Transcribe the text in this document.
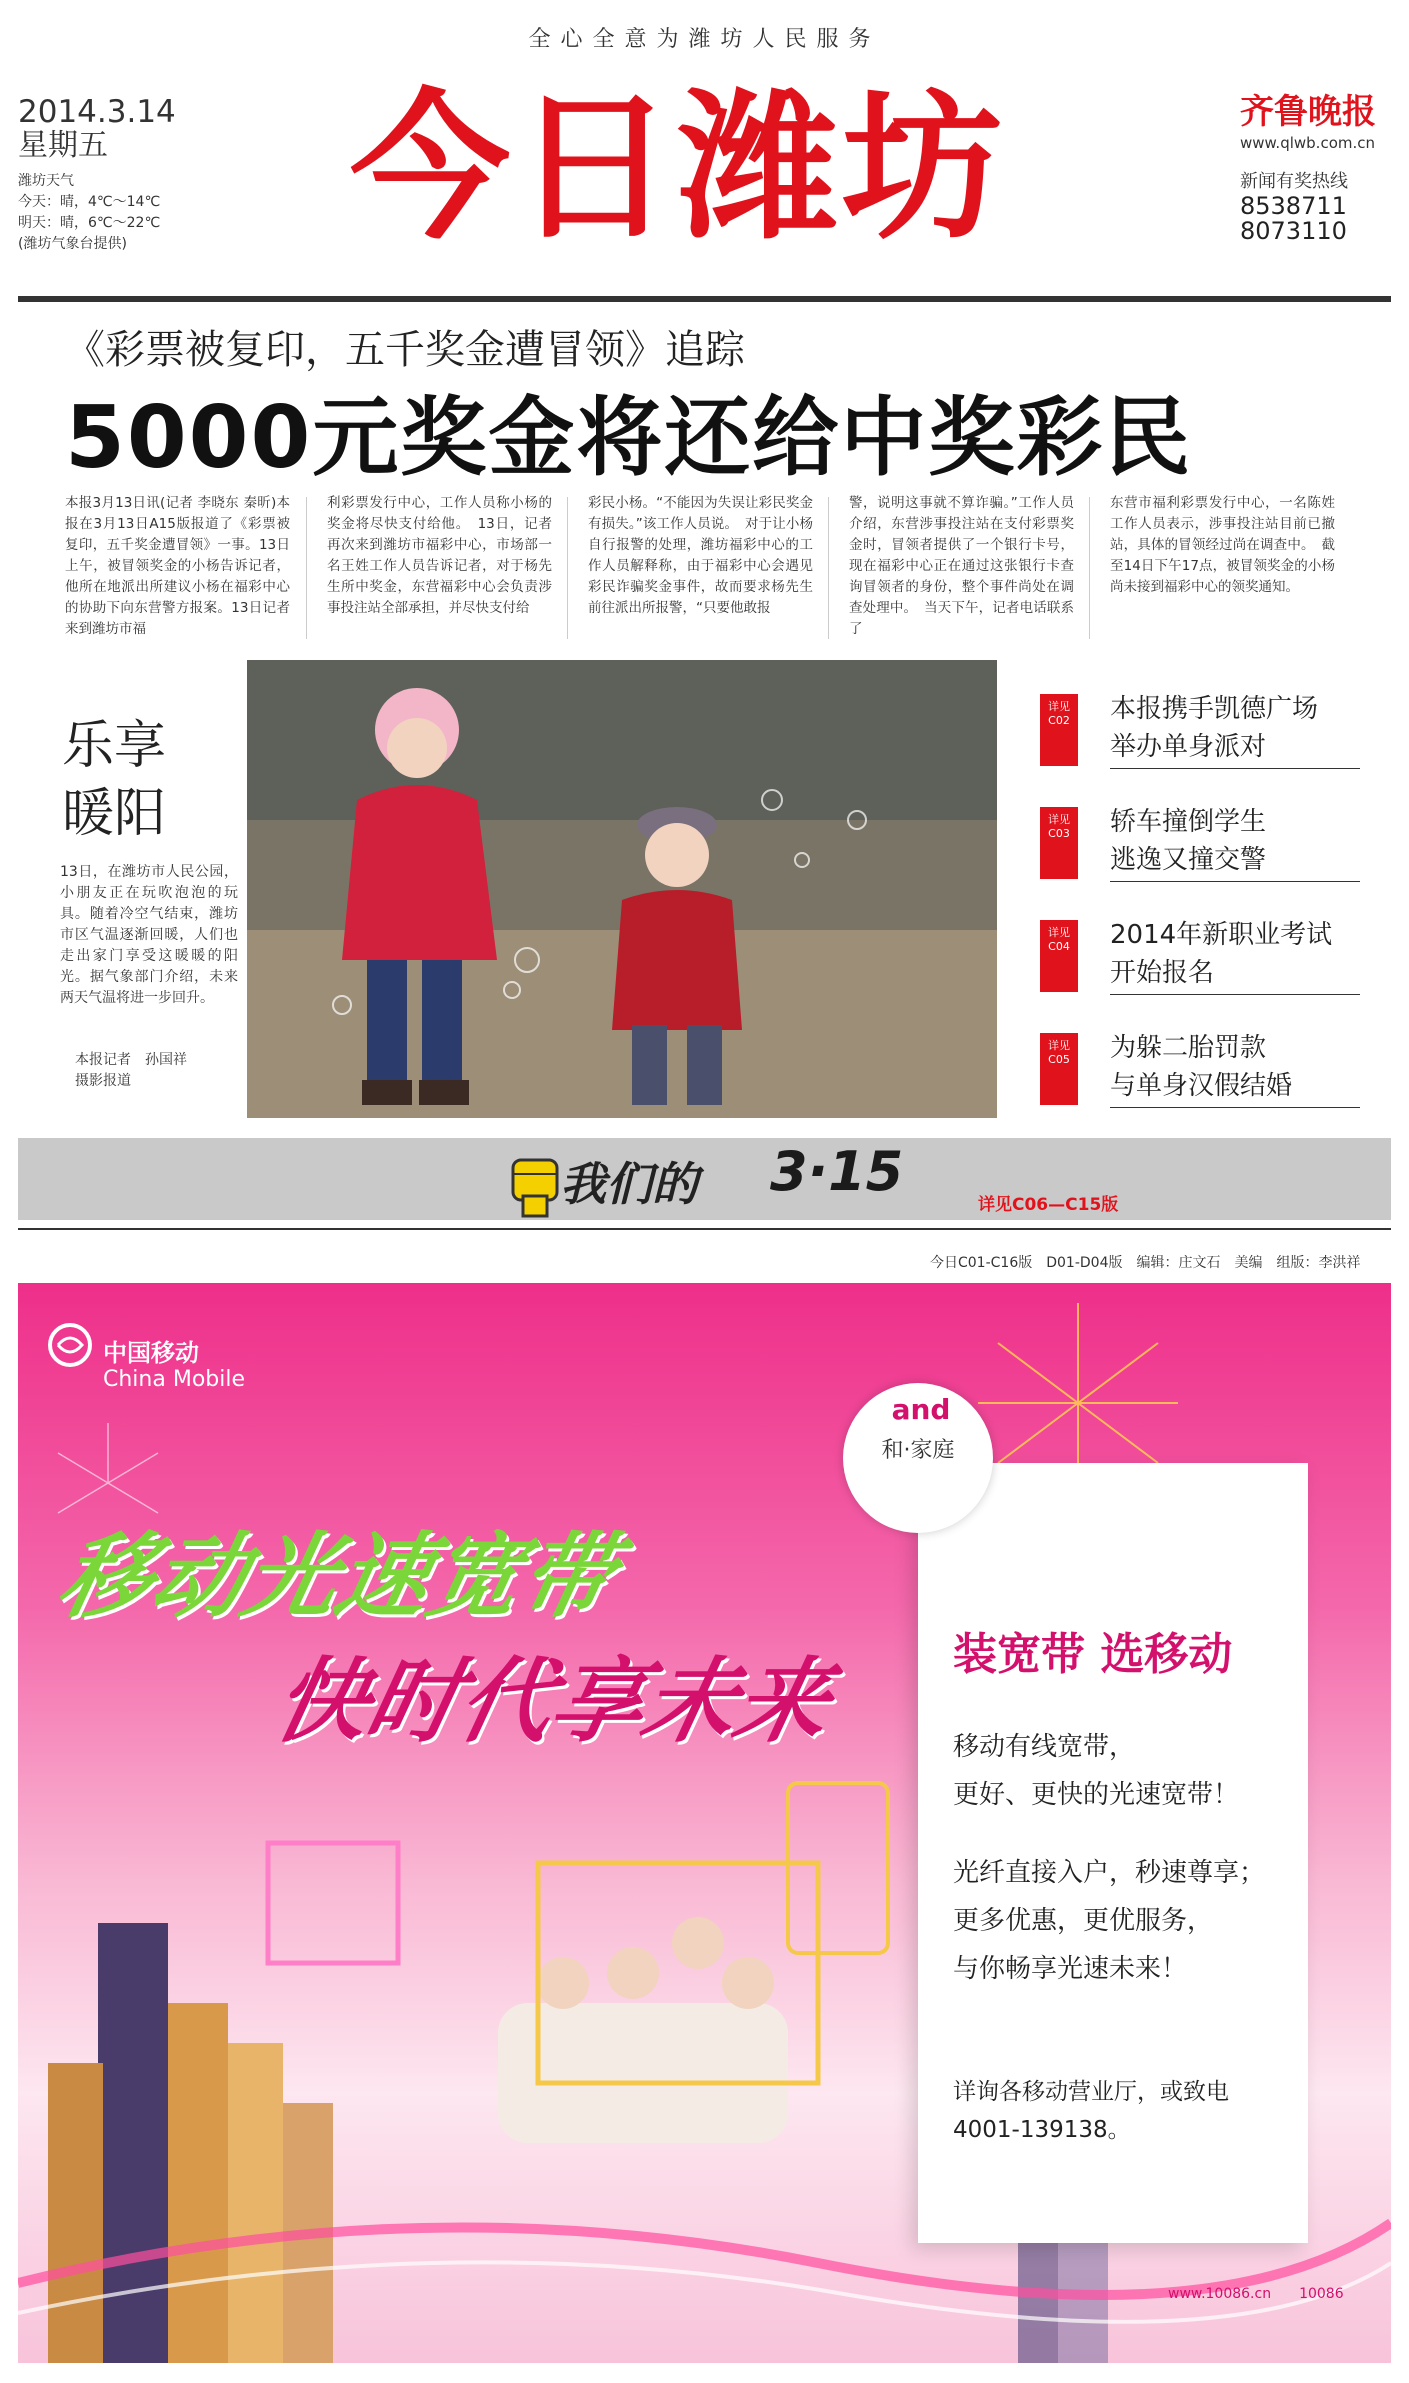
全心全意为潍坊人民服务
2014.3.14
星期五
潍坊天气
今天：晴，4℃～14℃
明天：晴，6℃～22℃
(潍坊气象台提供)	今日潍坊	齐鲁晚报
www.qlwb.com.cn
新闻有奖热线
8538711
8073110
《彩票被复印，五千奖金遭冒领》追踪
5000元奖金将还给中奖彩民
本报3月13日讯(记者 李晓东 秦昕)本报在3月13日A15版报道了《彩票被复印，五千奖金遭冒领》一事。13日上午，被冒领奖金的小杨告诉记者，他所在地派出所建议小杨在福彩中心的协助下向东营警方报案。13日记者来到潍坊市福
利彩票发行中心，工作人员称小杨的奖金将尽快支付给他。　13日，记者再次来到潍坊市福彩中心，市场部一名王姓工作人员告诉记者，对于杨先生所中奖金，东营福彩中心会负责涉事投注站全部承担，并尽快支付给
彩民小杨。“不能因为失误让彩民奖金有损失。”该工作人员说。　对于让小杨自行报警的处理，潍坊福彩中心的工作人员解释称，由于福彩中心会遇见彩民诈骗奖金事件，故而要求杨先生前往派出所报警，“只要他敢报
警，说明这事就不算诈骗。”工作人员介绍，东营涉事投注站在支付彩票奖金时，冒领者提供了一个银行卡号，现在福彩中心正在通过这张银行卡查询冒领者的身份，整个事件尚处在调查处理中。　当天下午，记者电话联系了
东营市福利彩票发行中心，一名陈姓工作人员表示，涉事投注站目前已撤站，具体的冒领经过尚在调查中。　截至14日下午17点，被冒领奖金的小杨尚未接到福彩中心的领奖通知。
乐享
暖阳
13日，在潍坊市人民公园，小朋友正在玩吹泡泡的玩具。随着冷空气结束，潍坊市区气温逐渐回暖，人们也走出家门享受这暖暖的阳光。据气象部门介绍，未来两天气温将进一步回升。
本报记者　孙国祥
摄影报道
详见
C02	本报携手凯德广场
举办单身派对
详见
C03	轿车撞倒学生
逃逸又撞交警
详见
C04	2014年新职业考试
开始报名
详见
C05	为躲二胎罚款
与单身汉假结婚
我们的 3·15
详见C06—C15版
今日C01-C16版　D01-D04版　编辑：庄文石　美编　组版：李洪祥
中国移动
China Mobile
移动光速宽带
快时代享未来
and
和·家庭
装宽带 选移动
移动有线宽带，
更好、更快的光速宽带！
光纤直接入户，秒速尊享；
更多优惠，更优服务，
与你畅享光速未来！
详询各移动营业厅，或致电
4001-139138。
www.10086.cn　　10086
